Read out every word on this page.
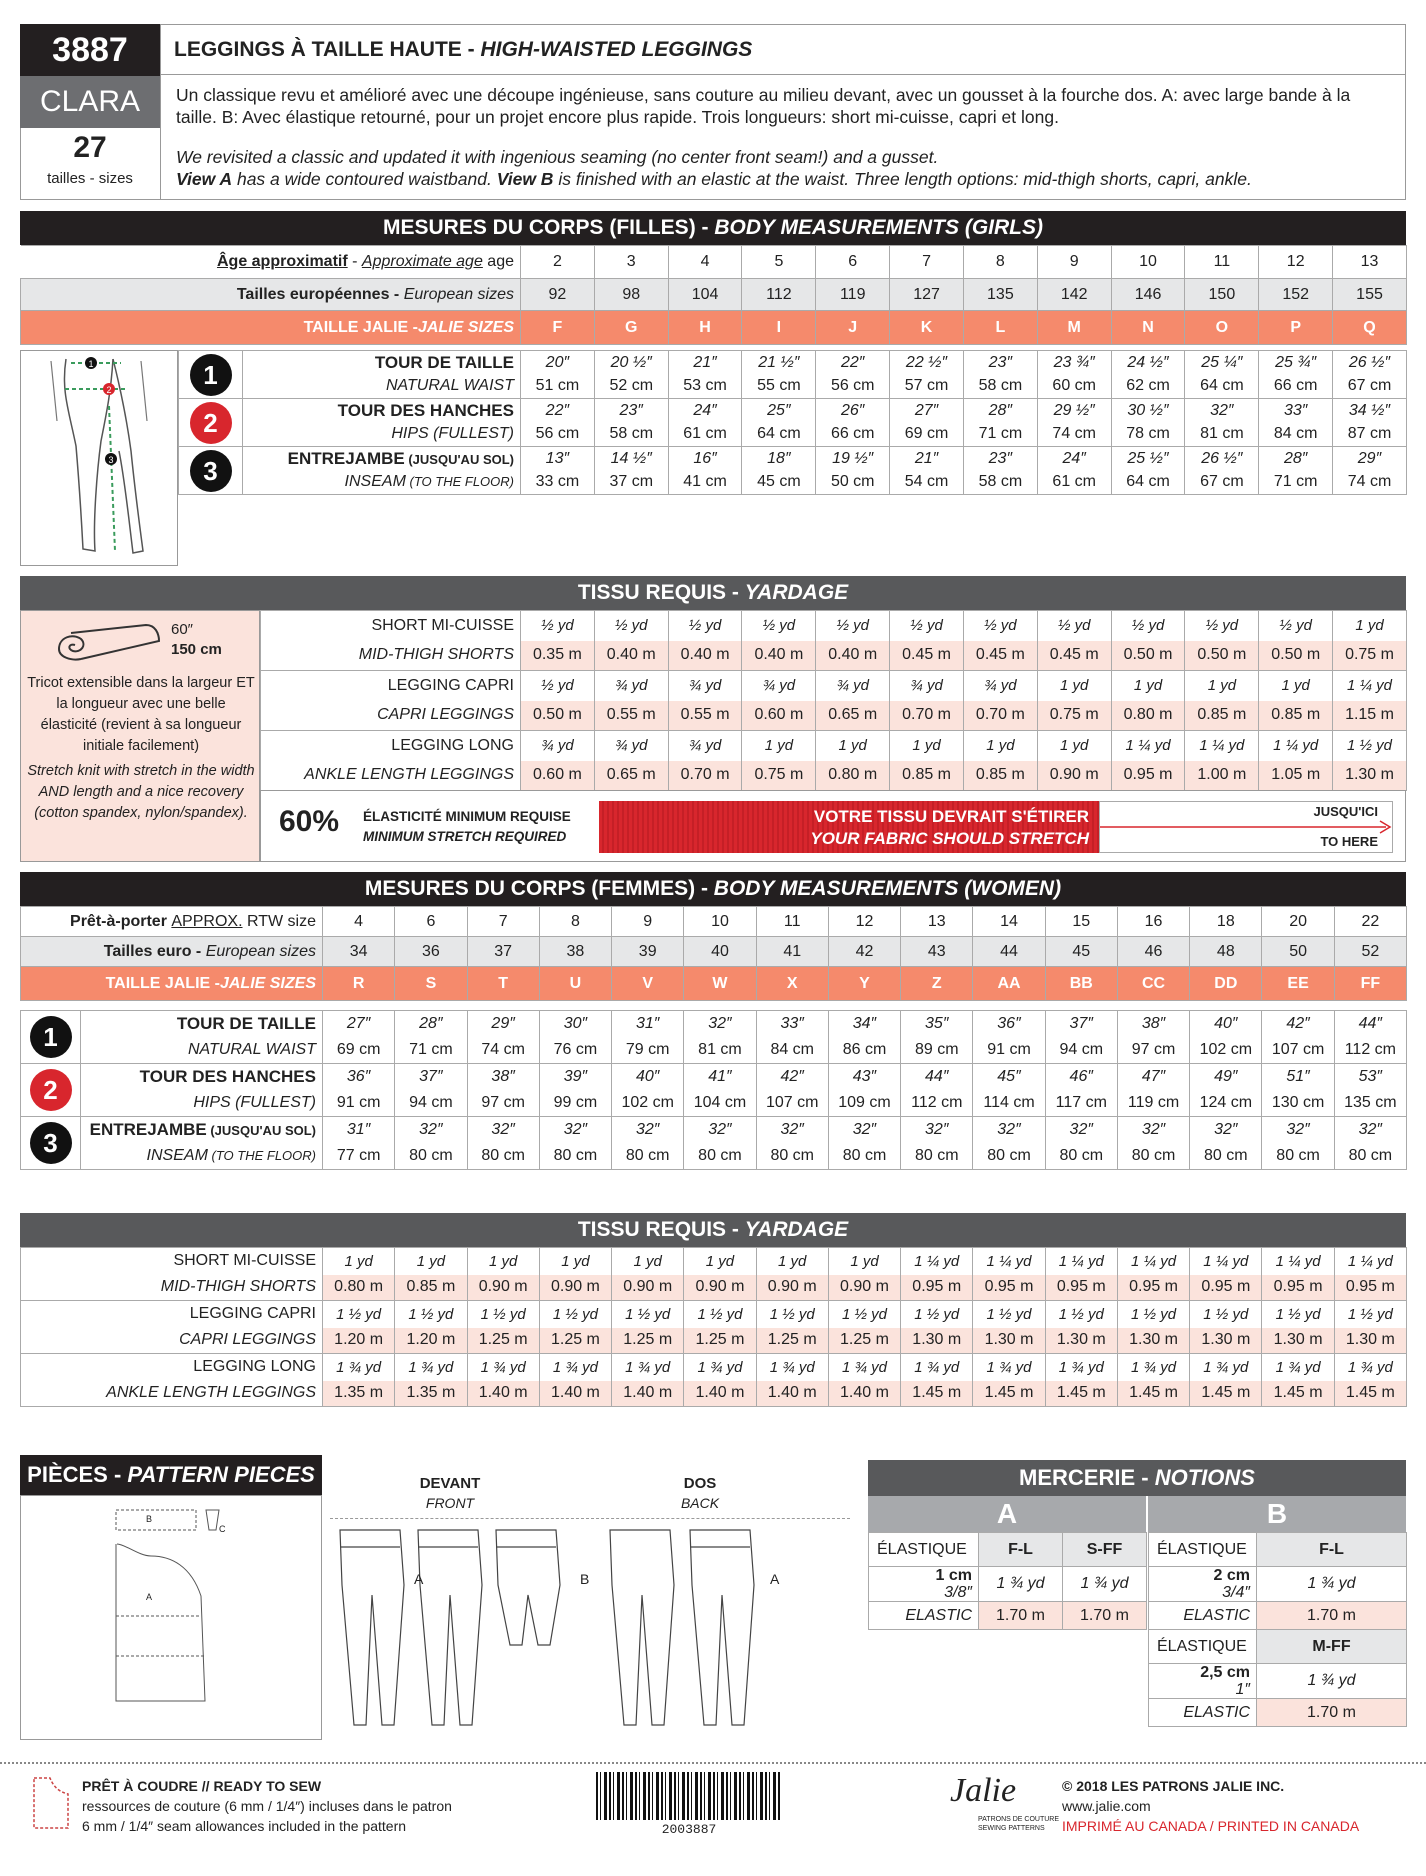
3887
CLARA
27
tailles - sizes
LEGGINGS À TAILLE HAUTE - HIGH-WAISTED LEGGINGS
Un classique revu et amélioré avec une découpe ingénieuse, sans couture au milieu devant, avec un gousset à la fourche dos. A: avec large bande à la taille. B: Avec élastique retourné, pour un projet encore plus rapide. Trois longueurs: short mi-cuisse, capri et long.
We revisited a classic and updated it with ingenious seaming (no center front seam!) and a gusset.
View A has a wide contoured waistband. View B is finished with an elastic at the waist. Three length options: mid-thigh shorts, capri, ankle.
MESURES DU CORPS (FILLES) - BODY MEASUREMENTS (GIRLS)
Âge approximatif - Approximate age age	2	3	4	5	6	7	8	9	10	11	12	13
Tailles européennes - European sizes	92	98	104	112	119	127	135	142	146	150	152	155
TAILLE JALIE -JALIE SIZES	F	G	H	I	J	K	L	M	N	O	P	Q
1
2
3
1	TOUR DE TAILLE	20″	20 ½″	21″	21 ½″	22″	22 ½″	23″	23 ¾″	24 ½″	25 ¼″	25 ¾″	26 ½″
	NATURAL WAIST	51 cm	52 cm	53 cm	55 cm	56 cm	57 cm	58 cm	60 cm	62 cm	64 cm	66 cm	67 cm
2	TOUR DES HANCHES	22″	23″	24″	25″	26″	27″	28″	29 ½″	30 ½″	32″	33″	34 ½″
	HIPS (FULLEST)	56 cm	58 cm	61 cm	64 cm	66 cm	69 cm	71 cm	74 cm	78 cm	81 cm	84 cm	87 cm
3	ENTREJAMBE (JUSQU'AU SOL)	13″	14 ½″	16″	18″	19 ½″	21″	23″	24″	25 ½″	26 ½″	28″	29″
	INSEAM (TO THE FLOOR)	33 cm	37 cm	41 cm	45 cm	50 cm	54 cm	58 cm	61 cm	64 cm	67 cm	71 cm	74 cm
TISSU REQUIS - YARDAGE
60″
150 cm
Tricot extensible dans la largeur ET la longueur avec une belle élasticité (revient à sa longueur initiale facilement)
Stretch knit with stretch in the width AND length and a nice recovery (cotton spandex, nylon/spandex).
SHORT MI-CUISSE	½ yd	½ yd	½ yd	½ yd	½ yd	½ yd	½ yd	½ yd	½ yd	½ yd	½ yd	1 yd
MID-THIGH SHORTS	0.35 m	0.40 m	0.40 m	0.40 m	0.40 m	0.45 m	0.45 m	0.45 m	0.50 m	0.50 m	0.50 m	0.75 m
LEGGING CAPRI	½ yd	¾ yd	¾ yd	¾ yd	¾ yd	¾ yd	¾ yd	1 yd	1 yd	1 yd	1 yd	1 ¼ yd
CAPRI LEGGINGS	0.50 m	0.55 m	0.55 m	0.60 m	0.65 m	0.70 m	0.70 m	0.75 m	0.80 m	0.85 m	0.85 m	1.15 m
LEGGING LONG	¾ yd	¾ yd	¾ yd	1 yd	1 yd	1 yd	1 yd	1 yd	1 ¼ yd	1 ¼ yd	1 ¼ yd	1 ½ yd
ANKLE LENGTH LEGGINGS	0.60 m	0.65 m	0.70 m	0.75 m	0.80 m	0.85 m	0.85 m	0.90 m	0.95 m	1.00 m	1.05 m	1.30 m
60% ÉLASTICITÉ MINIMUM REQUISE
MINIMUM STRETCH REQUIRED
VOTRE TISSU DEVRAIT S'ÉTIRER
YOUR FABRIC SHOULD STRETCH
JUSQU'ICI
TO HERE
MESURES DU CORPS (FEMMES) - BODY MEASUREMENTS (WOMEN)
Prêt-à-porter APPROX. RTW size	4	6	7	8	9	10	11	12	13	14	15	16	18	20	22
Tailles euro - European sizes	34	36	37	38	39	40	41	42	43	44	45	46	48	50	52
TAILLE JALIE -JALIE SIZES	R	S	T	U	V	W	X	Y	Z	AA	BB	CC	DD	EE	FF
1	TOUR DE TAILLE	27″	28″	29″	30″	31″	32″	33″	34″	35″	36″	37″	38″	40″	42″	44″
	NATURAL WAIST	69 cm	71 cm	74 cm	76 cm	79 cm	81 cm	84 cm	86 cm	89 cm	91 cm	94 cm	97 cm	102 cm	107 cm	112 cm
2	TOUR DES HANCHES	36″	37″	38″	39″	40″	41″	42″	43″	44″	45″	46″	47″	49″	51″	53″
	HIPS (FULLEST)	91 cm	94 cm	97 cm	99 cm	102 cm	104 cm	107 cm	109 cm	112 cm	114 cm	117 cm	119 cm	124 cm	130 cm	135 cm
3	ENTREJAMBE (JUSQU'AU SOL)	31″	32″	32″	32″	32″	32″	32″	32″	32″	32″	32″	32″	32″	32″	32″
	INSEAM (TO THE FLOOR)	77 cm	80 cm	80 cm	80 cm	80 cm	80 cm	80 cm	80 cm	80 cm	80 cm	80 cm	80 cm	80 cm	80 cm	80 cm
TISSU REQUIS - YARDAGE
SHORT MI-CUISSE	1 yd	1 yd	1 yd	1 yd	1 yd	1 yd	1 yd	1 yd	1 ¼ yd	1 ¼ yd	1 ¼ yd	1 ¼ yd	1 ¼ yd	1 ¼ yd	1 ¼ yd
MID-THIGH SHORTS	0.80 m	0.85 m	0.90 m	0.90 m	0.90 m	0.90 m	0.90 m	0.90 m	0.95 m	0.95 m	0.95 m	0.95 m	0.95 m	0.95 m	0.95 m
LEGGING CAPRI	1 ½ yd	1 ½ yd	1 ½ yd	1 ½ yd	1 ½ yd	1 ½ yd	1 ½ yd	1 ½ yd	1 ½ yd	1 ½ yd	1 ½ yd	1 ½ yd	1 ½ yd	1 ½ yd	1 ½ yd
CAPRI LEGGINGS	1.20 m	1.20 m	1.25 m	1.25 m	1.25 m	1.25 m	1.25 m	1.25 m	1.30 m	1.30 m	1.30 m	1.30 m	1.30 m	1.30 m	1.30 m
LEGGING LONG	1 ¾ yd	1 ¾ yd	1 ¾ yd	1 ¾ yd	1 ¾ yd	1 ¾ yd	1 ¾ yd	1 ¾ yd	1 ¾ yd	1 ¾ yd	1 ¾ yd	1 ¾ yd	1 ¾ yd	1 ¾ yd	1 ¾ yd
ANKLE LENGTH LEGGINGS	1.35 m	1.35 m	1.40 m	1.40 m	1.40 m	1.40 m	1.40 m	1.40 m	1.45 m	1.45 m	1.45 m	1.45 m	1.45 m	1.45 m	1.45 m
PIÈCES - PATTERN PIECES
B
C
A
DEVANT
FRONT
DOS
BACK
A	B	A
MERCERIE - NOTIONS
A	B
ÉLASTIQUE	F-L	S-FF
1 cm
3/8″	1 ¾ yd	1 ¾ yd
ELASTIC	1.70 m	1.70 m
ÉLASTIQUE	F-L
2 cm
3/4″	1 ¾ yd
ELASTIC	1.70 m
ÉLASTIQUE	M-FF
2,5 cm
1″	1 ¾ yd
ELASTIC	1.70 m
PRÊT À COUDRE // READY TO SEW
ressources de couture (6 mm / 1/4″) incluses dans le patron
6 mm / 1/4″ seam allowances included in the pattern	2003887
Jalie
PATRONS DE COUTURE
SEWING PATTERNS
© 2018 LES PATRONS JALIE INC.
www.jalie.com
IMPRIMÉ AU CANADA / PRINTED IN CANADA
